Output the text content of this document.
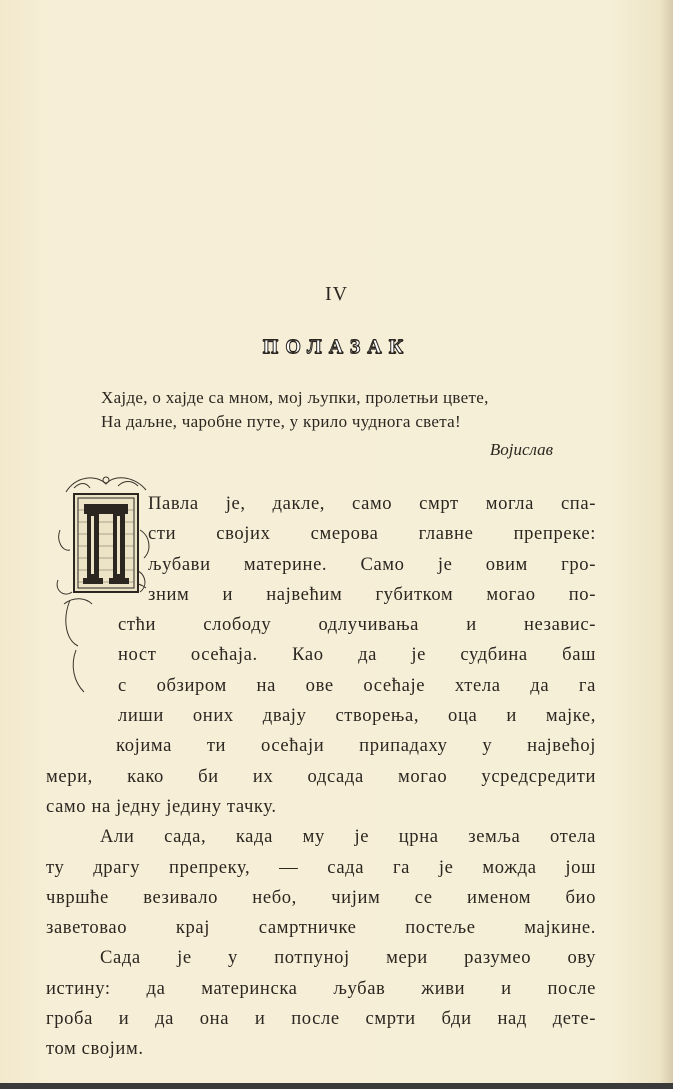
IV
ПОЛАЗАК
Хајде, о хајде са мном, мој љупки, пролетњи цвете,
На даљне, чаробне путе, у крило чуднога света!
Војислав
Павла је, дакле, само смрт могла спа-
сти својих смерова главне препреке:
љубави материне. Само је овим гро-
зним и највећим губитком могао по-
стћи слободу одлучивања и независ-
ност осећаја. Као да је судбина баш
с обзиром на ове осећаје хтела да га
лиши оних двају створења, оца и мајке,
којима ти осећаји припадаху у највећој
мери, како би их одсада могао усредсредити
само на једну једину тачку.
Али сада, када му је црна земља отела
ту драгу препреку, — сада га је можда још
чвршће везивало небо, чијим се именом био
заветовао крај самртничке постеље мајкине.
Сада је у потпуној мери разумео ову
истину: да материнска љубав живи и после
гроба и да она и после смрти бди над дете-
том својим.
